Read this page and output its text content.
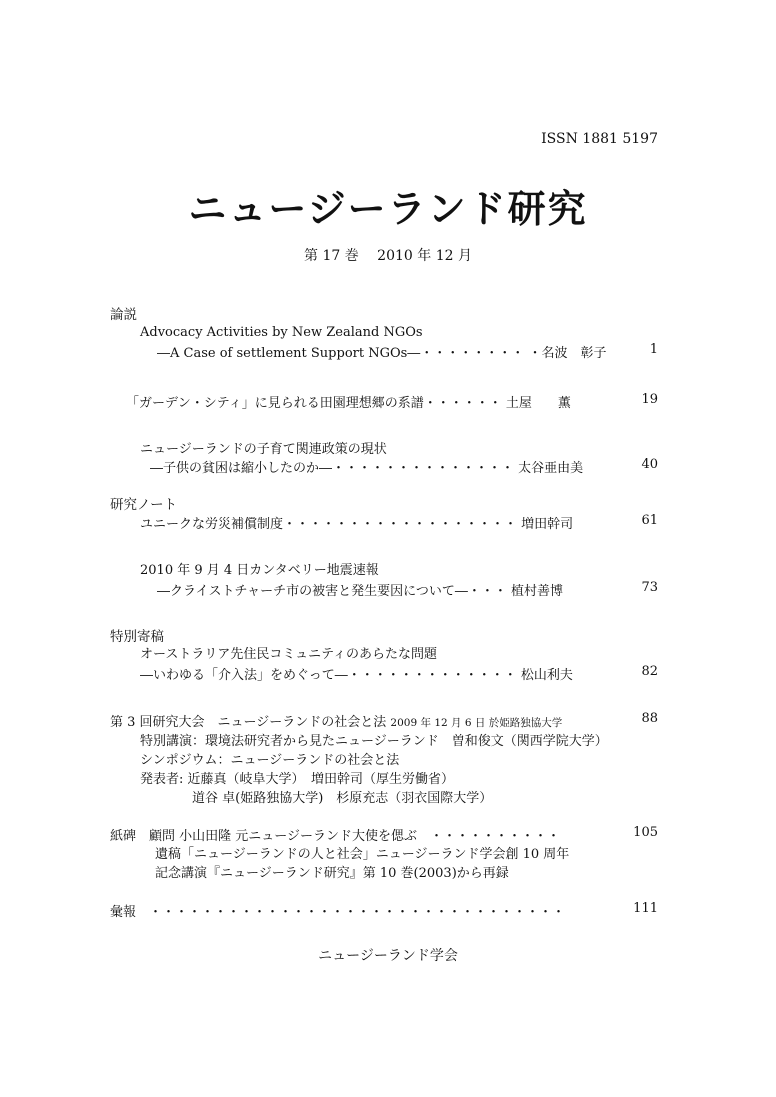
ISSN 1881 5197
ニュージーランド研究
第 17 巻　 2010 年 12 月
論説
Advocacy Activities by New Zealand NGOs
―A Case of settlement Support NGOs―・・・・・・・・ ・名波　彰子	1
「ガーデン・シティ」に見られる田園理想郷の系譜・・・・・・ 土屋　　薫	19
ニュージーランドの子育て関連政策の現状
―子供の貧困は縮小したのか―・・・・・・・・・・・・・・ 太谷亜由美	40
研究ノート
ユニークな労災補償制度・・・・・・・・・・・・・・・・・・ 増田幹司	61
2010 年 9 月 4 日カンタベリー地震速報
―クライストチャーチ市の被害と発生要因について―・・・ 植村善博	73
特別寄稿
オーストラリア先住民コミュニティのあらたな問題
―いわゆる「介入法」をめぐって―・・・・・・・・・・・・・ 松山利夫	82
第 3 回研究大会　ニュージーランドの社会と法 2009 年 12 月 6 日 於姫路独協大学	88
特別講演：環境法研究者から見たニュージーランド　曽和俊文（関西学院大学）
シンポジウム：ニュージーランドの社会と法
発表者: 近藤真（岐阜大学）　増田幹司（厚生労働省）
道谷 卓(姫路独協大学)　杉原充志（羽衣国際大学）
紙碑　顧問 小山田隆 元ニュージーランド大使を偲ぶ　・・・・・・・・・・	105
遺稿「ニュージーランドの人と社会」ニュージーランド学会創 10 周年
記念講演『ニュージーランド研究』第 10 巻(2003)から再録
彙報　・・・・・・・・・・・・・・・・・・・・・・・・・・・・・・・・	111
ニュージーランド学会
